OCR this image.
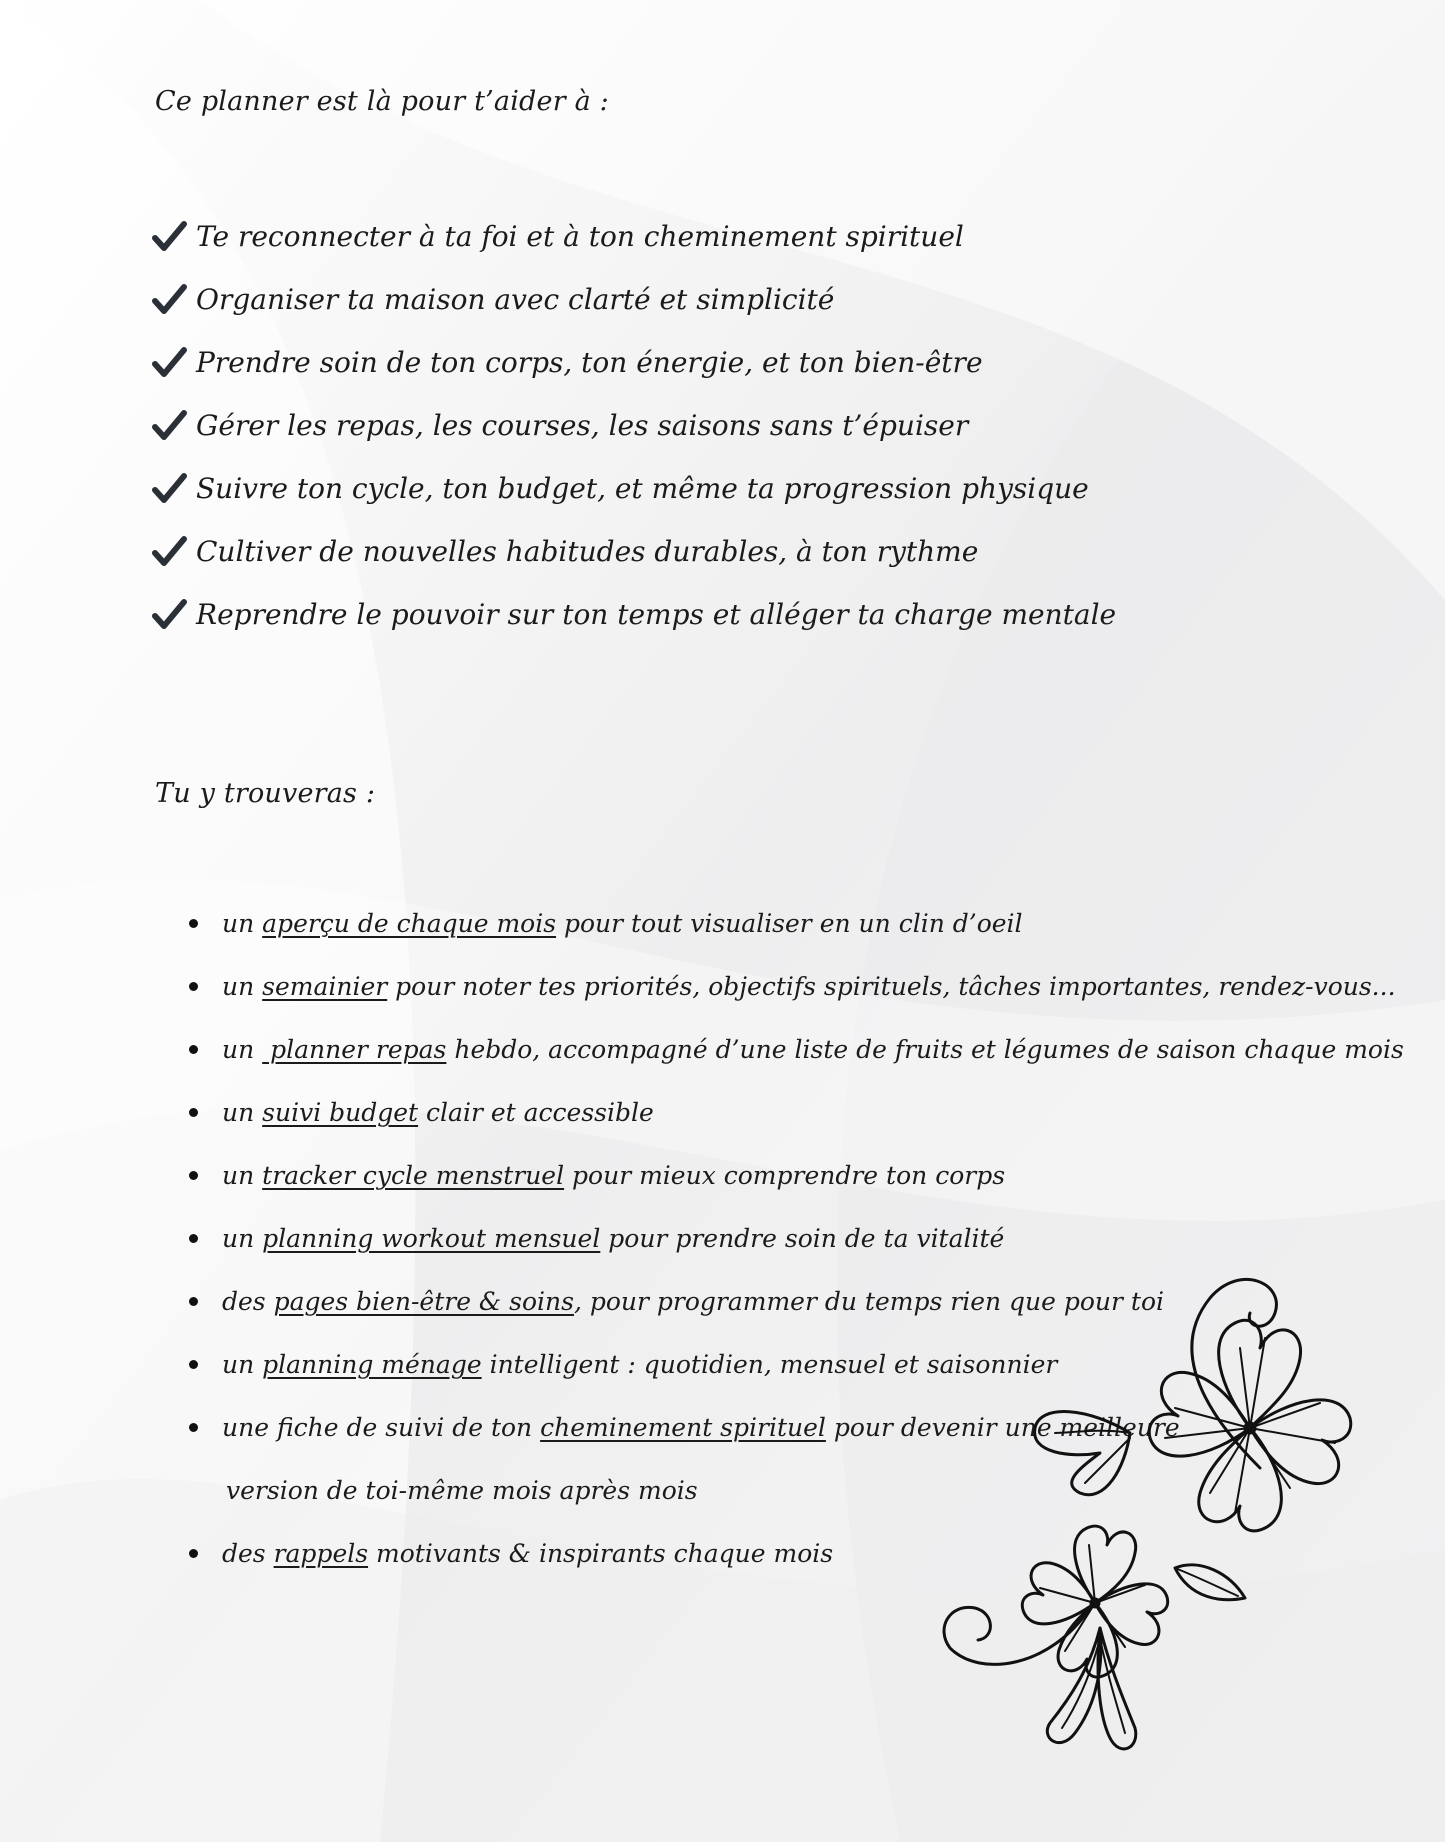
Ce planner est là pour t’aider à :
Te reconnecter à ta foi et à ton cheminement spirituel
Organiser ta maison avec clarté et simplicité
Prendre soin de ton corps, ton énergie, et ton bien-être
Gérer les repas, les courses, les saisons sans t’épuiser
Suivre ton cycle, ton budget, et même ta progression physique
Cultiver de nouvelles habitudes durables, à ton rythme
Reprendre le pouvoir sur ton temps et alléger ta charge mentale
Tu y trouveras :
un aperçu de chaque mois pour tout visualiser en un clin d’oeil
un semainier pour noter tes priorités, objectifs spirituels, tâches importantes, rendez-vous...
un  planner repas hebdo, accompagné d’une liste de fruits et légumes de saison chaque mois
un suivi budget clair et accessible
un tracker cycle menstruel pour mieux comprendre ton corps
un planning workout mensuel pour prendre soin de ta vitalité
des pages bien-être & soins, pour programmer du temps rien que pour toi
un planning ménage intelligent : quotidien, mensuel et saisonnier
une fiche de suivi de ton cheminement spirituel pour devenir une meilleure
version de toi-même mois après mois
des rappels motivants & inspirants chaque mois
